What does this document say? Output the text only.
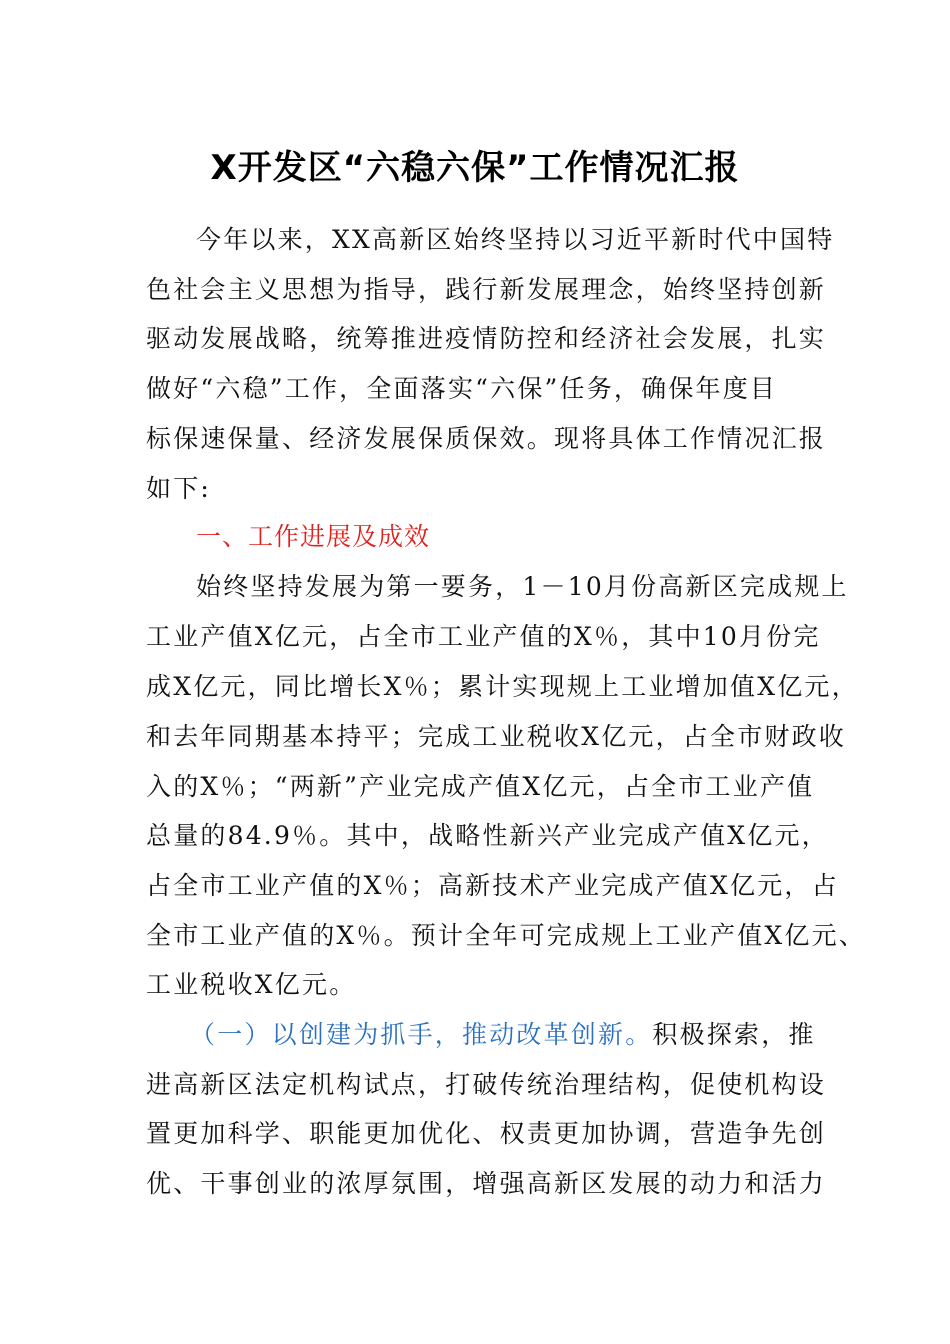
X开发区“六稳六保”工作情况汇报
今年以来，XX高新区始终坚持以习近平新时代中国特
色社会主义思想为指导，践行新发展理念，始终坚持创新
驱动发展战略，统筹推进疫情防控和经济社会发展，扎实
做好“六稳”工作，全面落实“六保”任务，确保年度目
标保速保量、经济发展保质保效。现将具体工作情况汇报
如下:
一、工作进展及成效
始终坚持发展为第一要务，1－10月份高新区完成规上
工业产值X亿元，占全市工业产值的X％，其中10月份完
成X亿元，同比增长X％；累计实现规上工业增加值X亿元，
和去年同期基本持平；完成工业税收X亿元，占全市财政收
入的X％；“两新”产业完成产值X亿元，占全市工业产值
总量的84.9％。其中，战略性新兴产业完成产值X亿元，
占全市工业产值的X％；高新技术产业完成产值X亿元，占
全市工业产值的X％。预计全年可完成规上工业产值X亿元、
工业税收X亿元。
（一）以创建为抓手，推动改革创新。积极探索，推
进高新区法定机构试点，打破传统治理结构，促使机构设
置更加科学、职能更加优化、权责更加协调，营造争先创
优、干事创业的浓厚氛围，增强高新区发展的动力和活力
